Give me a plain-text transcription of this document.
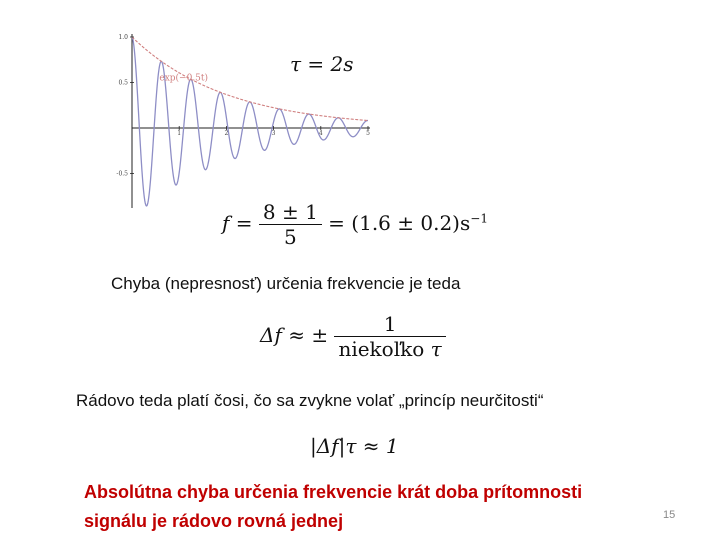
1	2	3	4	5
1.0
0.5
-0.5
exp(−0.5t)
τ = 2s
$f = \frac{8 \pm 1}{5} = (1.6 \pm 0.2)s^{-1}$
Chyba (nepresnosť) určenia frekvencie je teda
Δf ≈ ± $\frac{1}{\text{niekoľko τ}}$
Rádovo teda platí čosi, čo sa zvykne volať „princíp neurčitosti“
|Δf|τ ≈ 1
Absolútna chyba určenia frekvencie krát doba prítomnosti
signálu je rádovo rovná jednej	15
